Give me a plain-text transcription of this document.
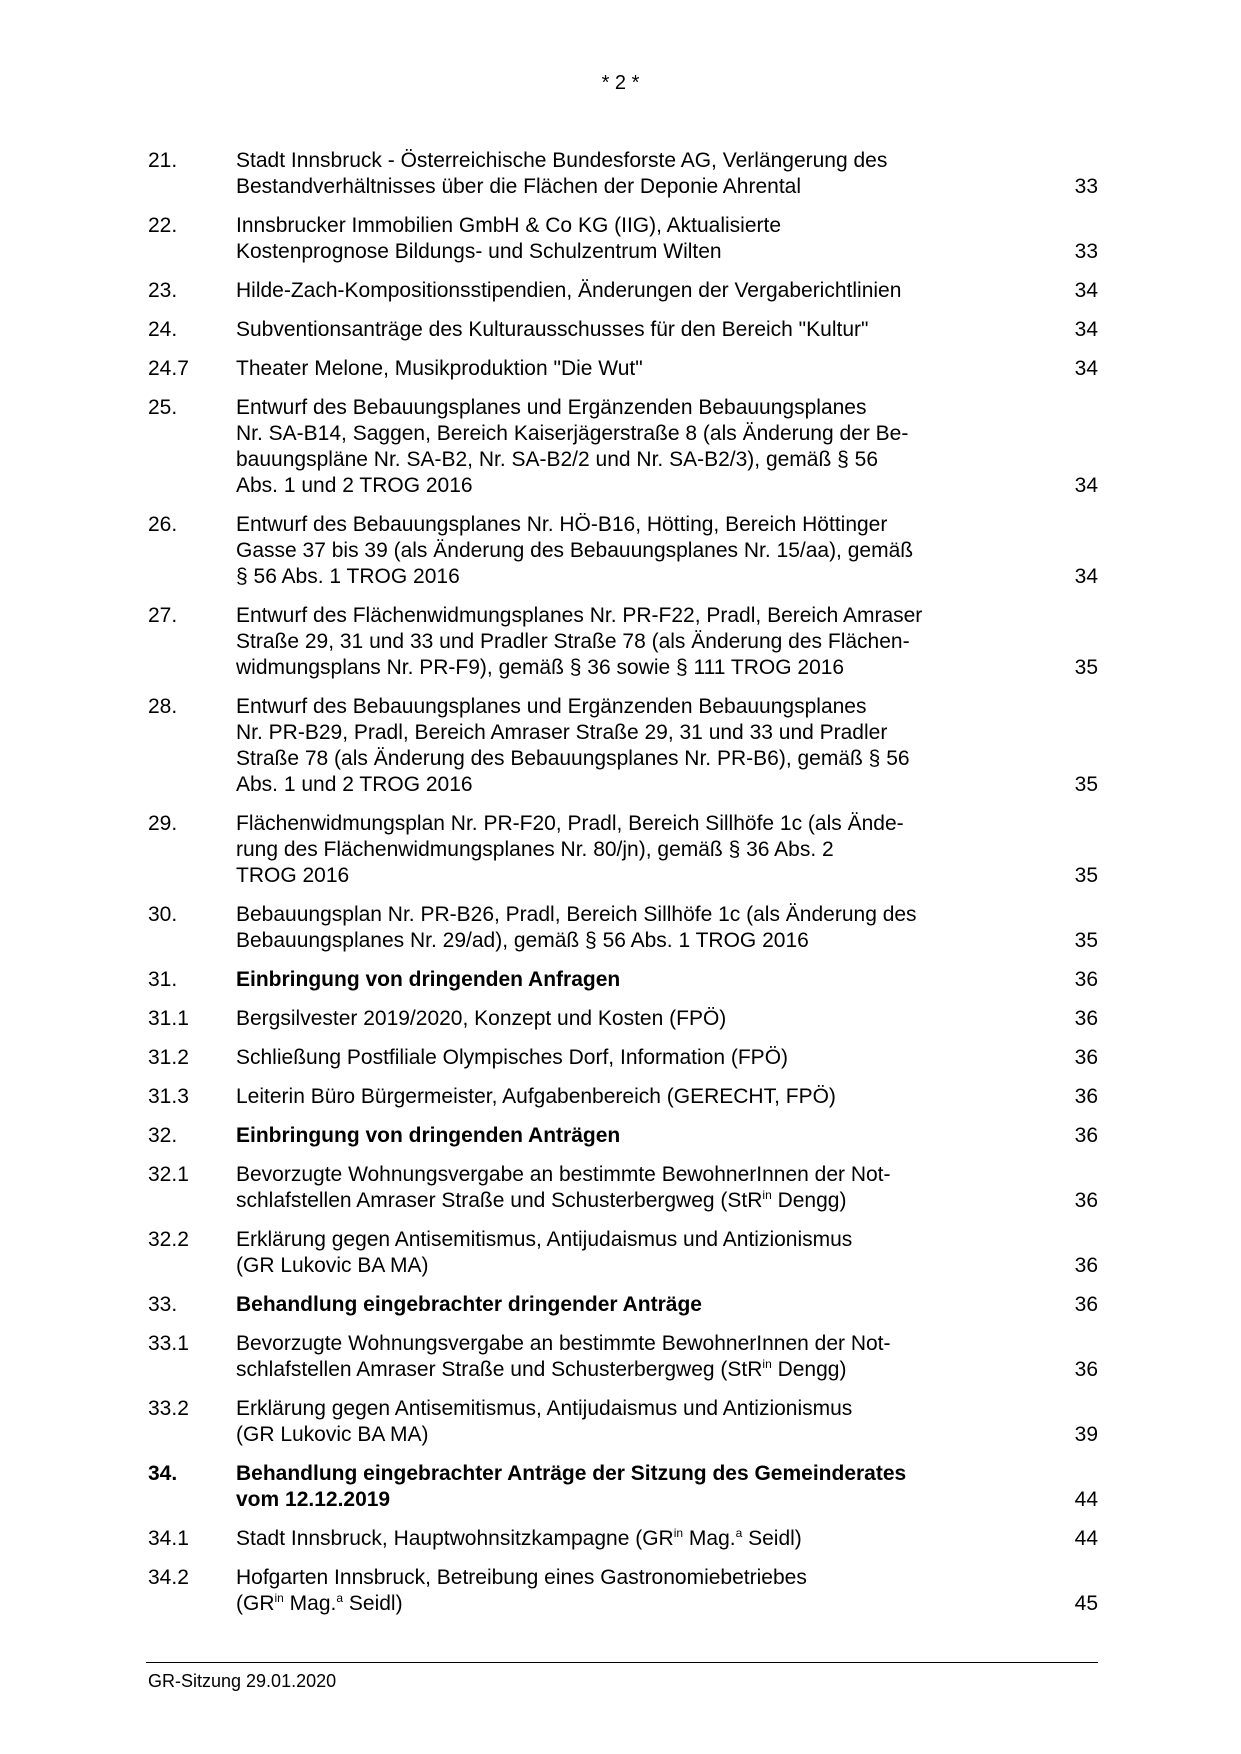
* 2 *
21.	Stadt Innsbruck - Österreichische Bundesforste AG, Verlängerung des
Bestandverhältnisses über die Flächen der Deponie Ahrental	33
22.	Innsbrucker Immobilien GmbH & Co KG (IIG), Aktualisierte
Kostenprognose Bildungs- und Schulzentrum Wilten	33
23.	Hilde-Zach-Kompositionsstipendien, Änderungen der Vergaberichtlinien	34
24.	Subventionsanträge des Kulturausschusses für den Bereich "Kultur"	34
24.7	Theater Melone, Musikproduktion "Die Wut"	34
25.	Entwurf des Bebauungsplanes und Ergänzenden Bebauungsplanes
Nr. SA-B14, Saggen, Bereich Kaiserjägerstraße 8 (als Änderung der Be-
bauungspläne Nr. SA-B2, Nr. SA-B2/2 und Nr. SA-B2/3), gemäß § 56
Abs. 1 und 2 TROG 2016	34
26.	Entwurf des Bebauungsplanes Nr. HÖ-B16, Hötting, Bereich Höttinger
Gasse 37 bis 39 (als Änderung des Bebauungsplanes Nr. 15/aa), gemäß
§ 56 Abs. 1 TROG 2016	34
27.	Entwurf des Flächenwidmungsplanes Nr. PR-F22, Pradl, Bereich Amraser
Straße 29, 31 und 33 und Pradler Straße 78 (als Änderung des Flächen-
widmungsplans Nr. PR-F9), gemäß § 36 sowie § 111 TROG 2016	35
28.	Entwurf des Bebauungsplanes und Ergänzenden Bebauungsplanes
Nr. PR-B29, Pradl, Bereich Amraser Straße 29, 31 und 33 und Pradler
Straße 78 (als Änderung des Bebauungsplanes Nr. PR-B6), gemäß § 56
Abs. 1 und 2 TROG 2016	35
29.	Flächenwidmungsplan Nr. PR-F20, Pradl, Bereich Sillhöfe 1c (als Ände-
rung des Flächenwidmungsplanes Nr. 80/jn), gemäß § 36 Abs. 2
TROG 2016	35
30.	Bebauungsplan Nr. PR-B26, Pradl, Bereich Sillhöfe 1c (als Änderung des
Bebauungsplanes Nr. 29/ad), gemäß § 56 Abs. 1 TROG 2016	35
31.	Einbringung von dringenden Anfragen	36
31.1	Bergsilvester 2019/2020, Konzept und Kosten (FPÖ)	36
31.2	Schließung Postfiliale Olympisches Dorf, Information (FPÖ)	36
31.3	Leiterin Büro Bürgermeister, Aufgabenbereich (GERECHT, FPÖ)	36
32.	Einbringung von dringenden Anträgen	36
32.1	Bevorzugte Wohnungsvergabe an bestimmte BewohnerInnen der Not-
schlafstellen Amraser Straße und Schusterbergweg (StR$^{in}$ Dengg)	36
32.2	Erklärung gegen Antisemitismus, Antijudaismus und Antizionismus
(GR Lukovic BA MA)	36
33.	Behandlung eingebrachter dringender Anträge	36
33.1	Bevorzugte Wohnungsvergabe an bestimmte BewohnerInnen der Not-
schlafstellen Amraser Straße und Schusterbergweg (StR$^{in}$ Dengg)	36
33.2	Erklärung gegen Antisemitismus, Antijudaismus und Antizionismus
(GR Lukovic BA MA)	39
34.	Behandlung eingebrachter Anträge der Sitzung des Gemeinderates
vom 12.12.2019	44
34.1	Stadt Innsbruck, Hauptwohnsitzkampagne ($GR^{in}$ Mag.$^a$ Seidl)	44
34.2	Hofgarten Innsbruck, Betreibung eines Gastronomiebetriebes
($GR^{in}$ Mag.$^a$ Seidl)	45
GR-Sitzung 29.01.2020
